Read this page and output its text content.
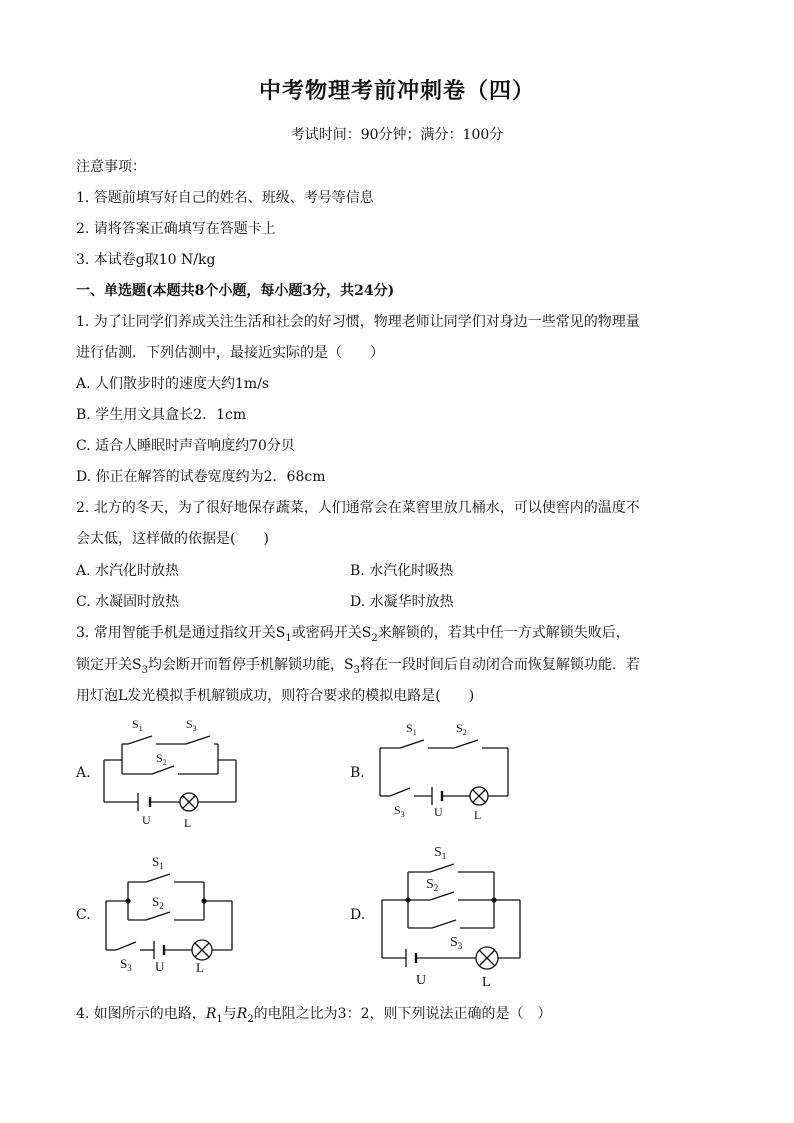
中考物理考前冲刺卷（四）
考试时间：90分钟；满分：100分
注意事项：
1. 答题前填写好自己的姓名、班级、考号等信息
2. 请将答案正确填写在答题卡上
3. 本试卷g取10 N/kg
一、单选题(本题共8个小题，每小题3分，共24分)
1. 为了让同学们养成关注生活和社会的好习惯，物理老师让同学们对身边一些常见的物理量
进行估测．下列估测中，最接近实际的是（　　）
A. 人们散步时的速度大约1m/s
B. 学生用文具盒长2．1cm
C. 适合人睡眠时声音响度约70分贝
D. 你正在解答的试卷宽度约为2．68cm
2. 北方的冬天，为了很好地保存蔬菜，人们通常会在菜窖里放几桶水，可以使窖内的温度不
会太低，这样做的依据是(　　)
A. 水汽化时放热	B. 水汽化时吸热
C. 水凝固时放热	D. 水凝华时放热
3. 常用智能手机是通过指纹开关$S_1$或密码开关$S_2$来解锁的，若其中任一方式解锁失败后，
锁定开关$S_3$均会断开而暂停手机解锁功能，$S_3$将在一段时间后自动闭合而恢复解锁功能．若
用灯泡L发光模拟手机解锁成功，则符合要求的模拟电路是(　　)
A.	B.
C.	D.
$S_1$	$S_3$
$S_2$
U	L
$S_1$	$S_2$
$S_3$ U	L
$S_1$
$S_2$
$S_3$ U L
$S_1$
$S_2$
$S_3$
U	L
4. 如图所示的电路，$R_1$与$R_2$的电阻之比为3：2，则下列说法正确的是（　）
